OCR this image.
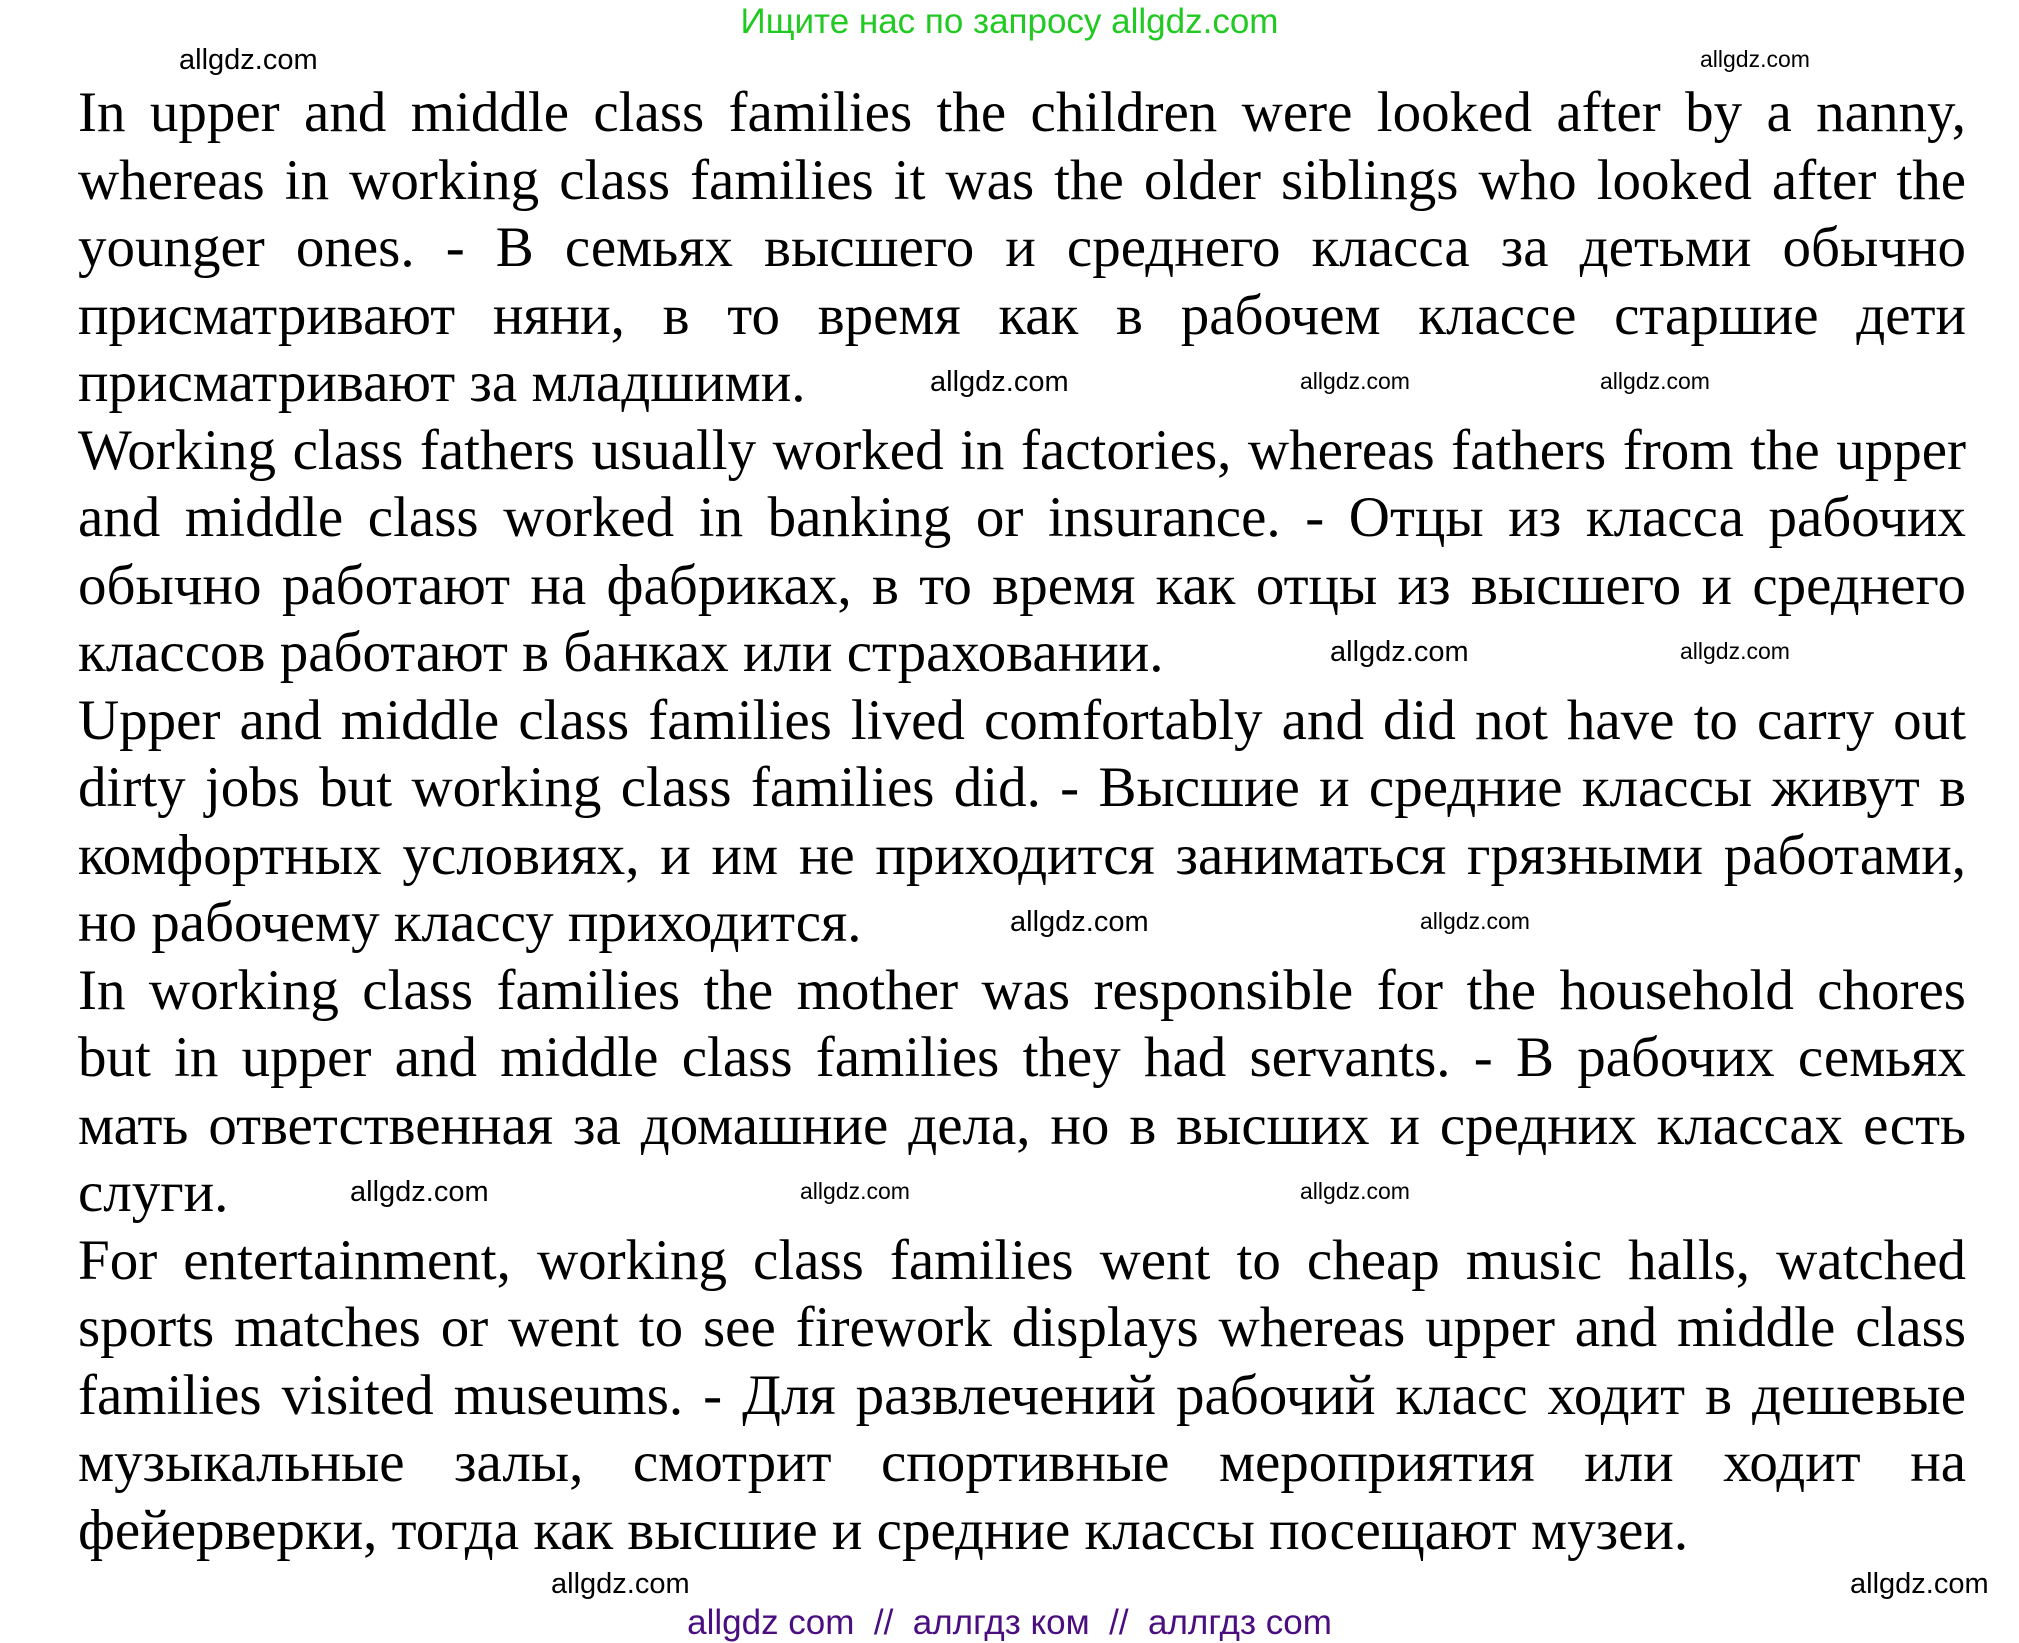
Ищите нас по запросу allgdz.com
In upper and middle class families the children were looked after by a nanny,
whereas in working class families it was the older siblings who looked after the
younger ones. - В семьях высшего и среднего класса за детьми обычно
присматривают няни, в то время как в рабочем классе старшие дети
присматривают за младшими.
Working class fathers usually worked in factories, whereas fathers from the upper
and middle class worked in banking or insurance. - Отцы из класса рабочих
обычно работают на фабриках, в то время как отцы из высшего и среднего
классов работают в банках или страховании.
Upper and middle class families lived comfortably and did not have to carry out
dirty jobs but working class families did. - Высшие и средние классы живут в
комфортных условиях, и им не приходится заниматься грязными работами,
но рабочему классу приходится.
In working class families the mother was responsible for the household chores
but in upper and middle class families they had servants. - В рабочих семьях
мать ответственная за домашние дела, но в высших и средних классах есть
слуги.
For entertainment, working class families went to cheap music halls, watched
sports matches or went to see firework displays whereas upper and middle class
families visited museums. - Для развлечений рабочий класс ходит в дешевые
музыкальные залы, смотрит спортивные мероприятия или ходит на
фейерверки, тогда как высшие и средние классы посещают музеи.
allgdz.com	allgdz.com
allgdz.com	allgdz.com	allgdz.com
allgdz.com	allgdz.com
allgdz.com	allgdz.com
allgdz.com	allgdz.com	allgdz.com
allgdz.com	allgdz.com
allgdz com  //  аллгдз ком  //  аллгдз com
